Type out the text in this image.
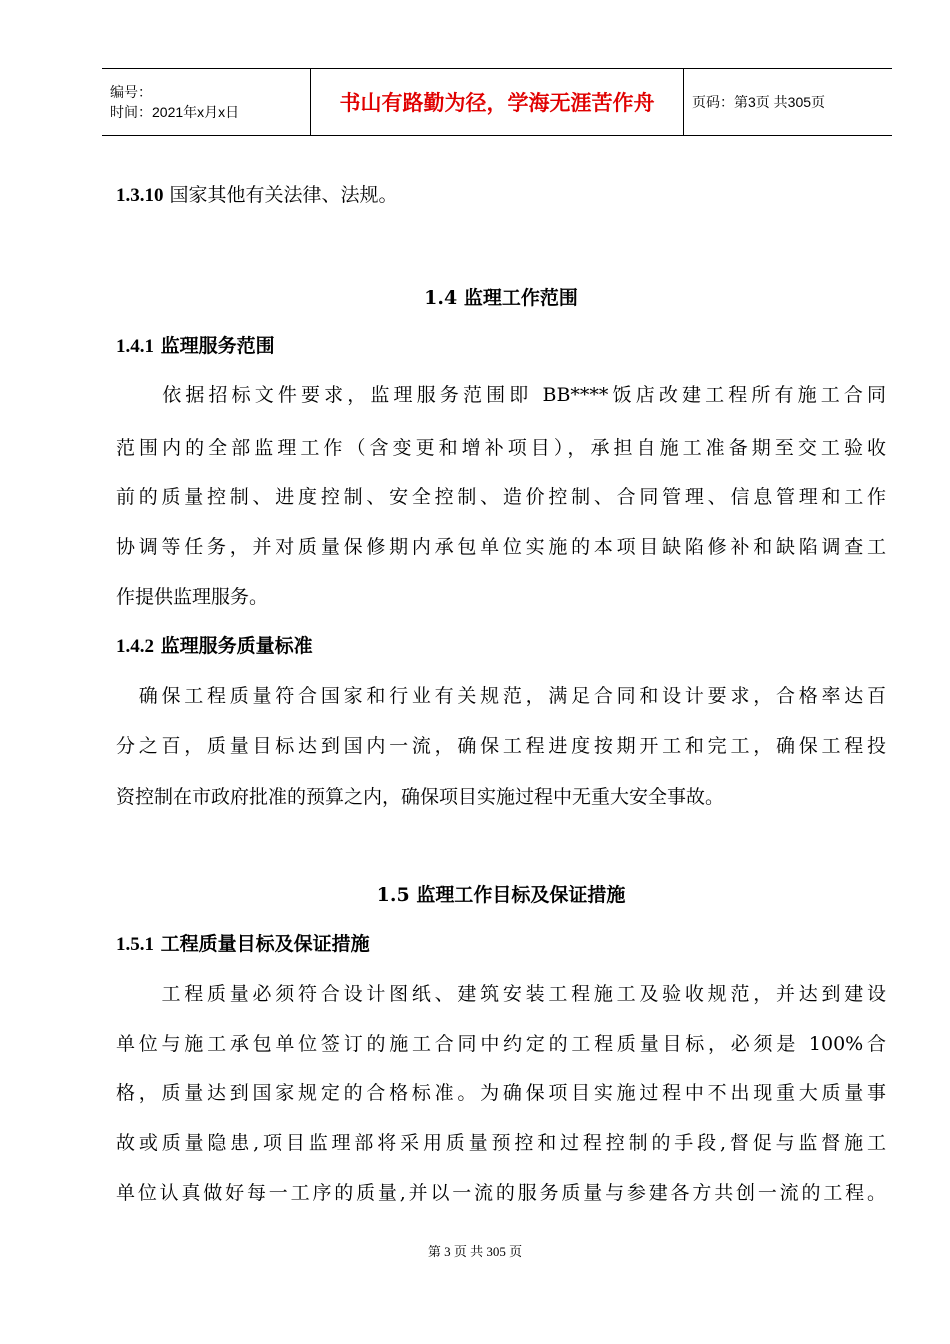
编号：
时间：2021年x月x日	书山有路勤为径，学海无涯苦作舟	页码：第3页 共305页
1.3.10 国家其他有关法律、法规。
1.4 监理工作范围
1.4.1 监理服务范围
　　依据招标文件要求，监理服务范围即 BB****饭店改建工程所有施工合同
范围内的全部监理工作（含变更和增补项目），承担自施工准备期至交工验收
前的质量控制、进度控制、安全控制、造价控制、合同管理、信息管理和工作
协调等任务，并对质量保修期内承包单位实施的本项目缺陷修补和缺陷调查工
作提供监理服务。
1.4.2 监理服务质量标准
　确保工程质量符合国家和行业有关规范，满足合同和设计要求，合格率达百
分之百，质量目标达到国内一流，确保工程进度按期开工和完工，确保工程投
资控制在市政府批准的预算之内，确保项目实施过程中无重大安全事故。
1.5 监理工作目标及保证措施
1.5.1 工程质量目标及保证措施
　　工程质量必须符合设计图纸、建筑安装工程施工及验收规范，并达到建设
单位与施工承包单位签订的施工合同中约定的工程质量目标，必须是 100%合
格，质量达到国家规定的合格标准。为确保项目实施过程中不出现重大质量事
故或质量隐患,项目监理部将采用质量预控和过程控制的手段,督促与监督施工
单位认真做好每一工序的质量,并以一流的服务质量与参建各方共创一流的工程。
第 3 页 共 305 页
